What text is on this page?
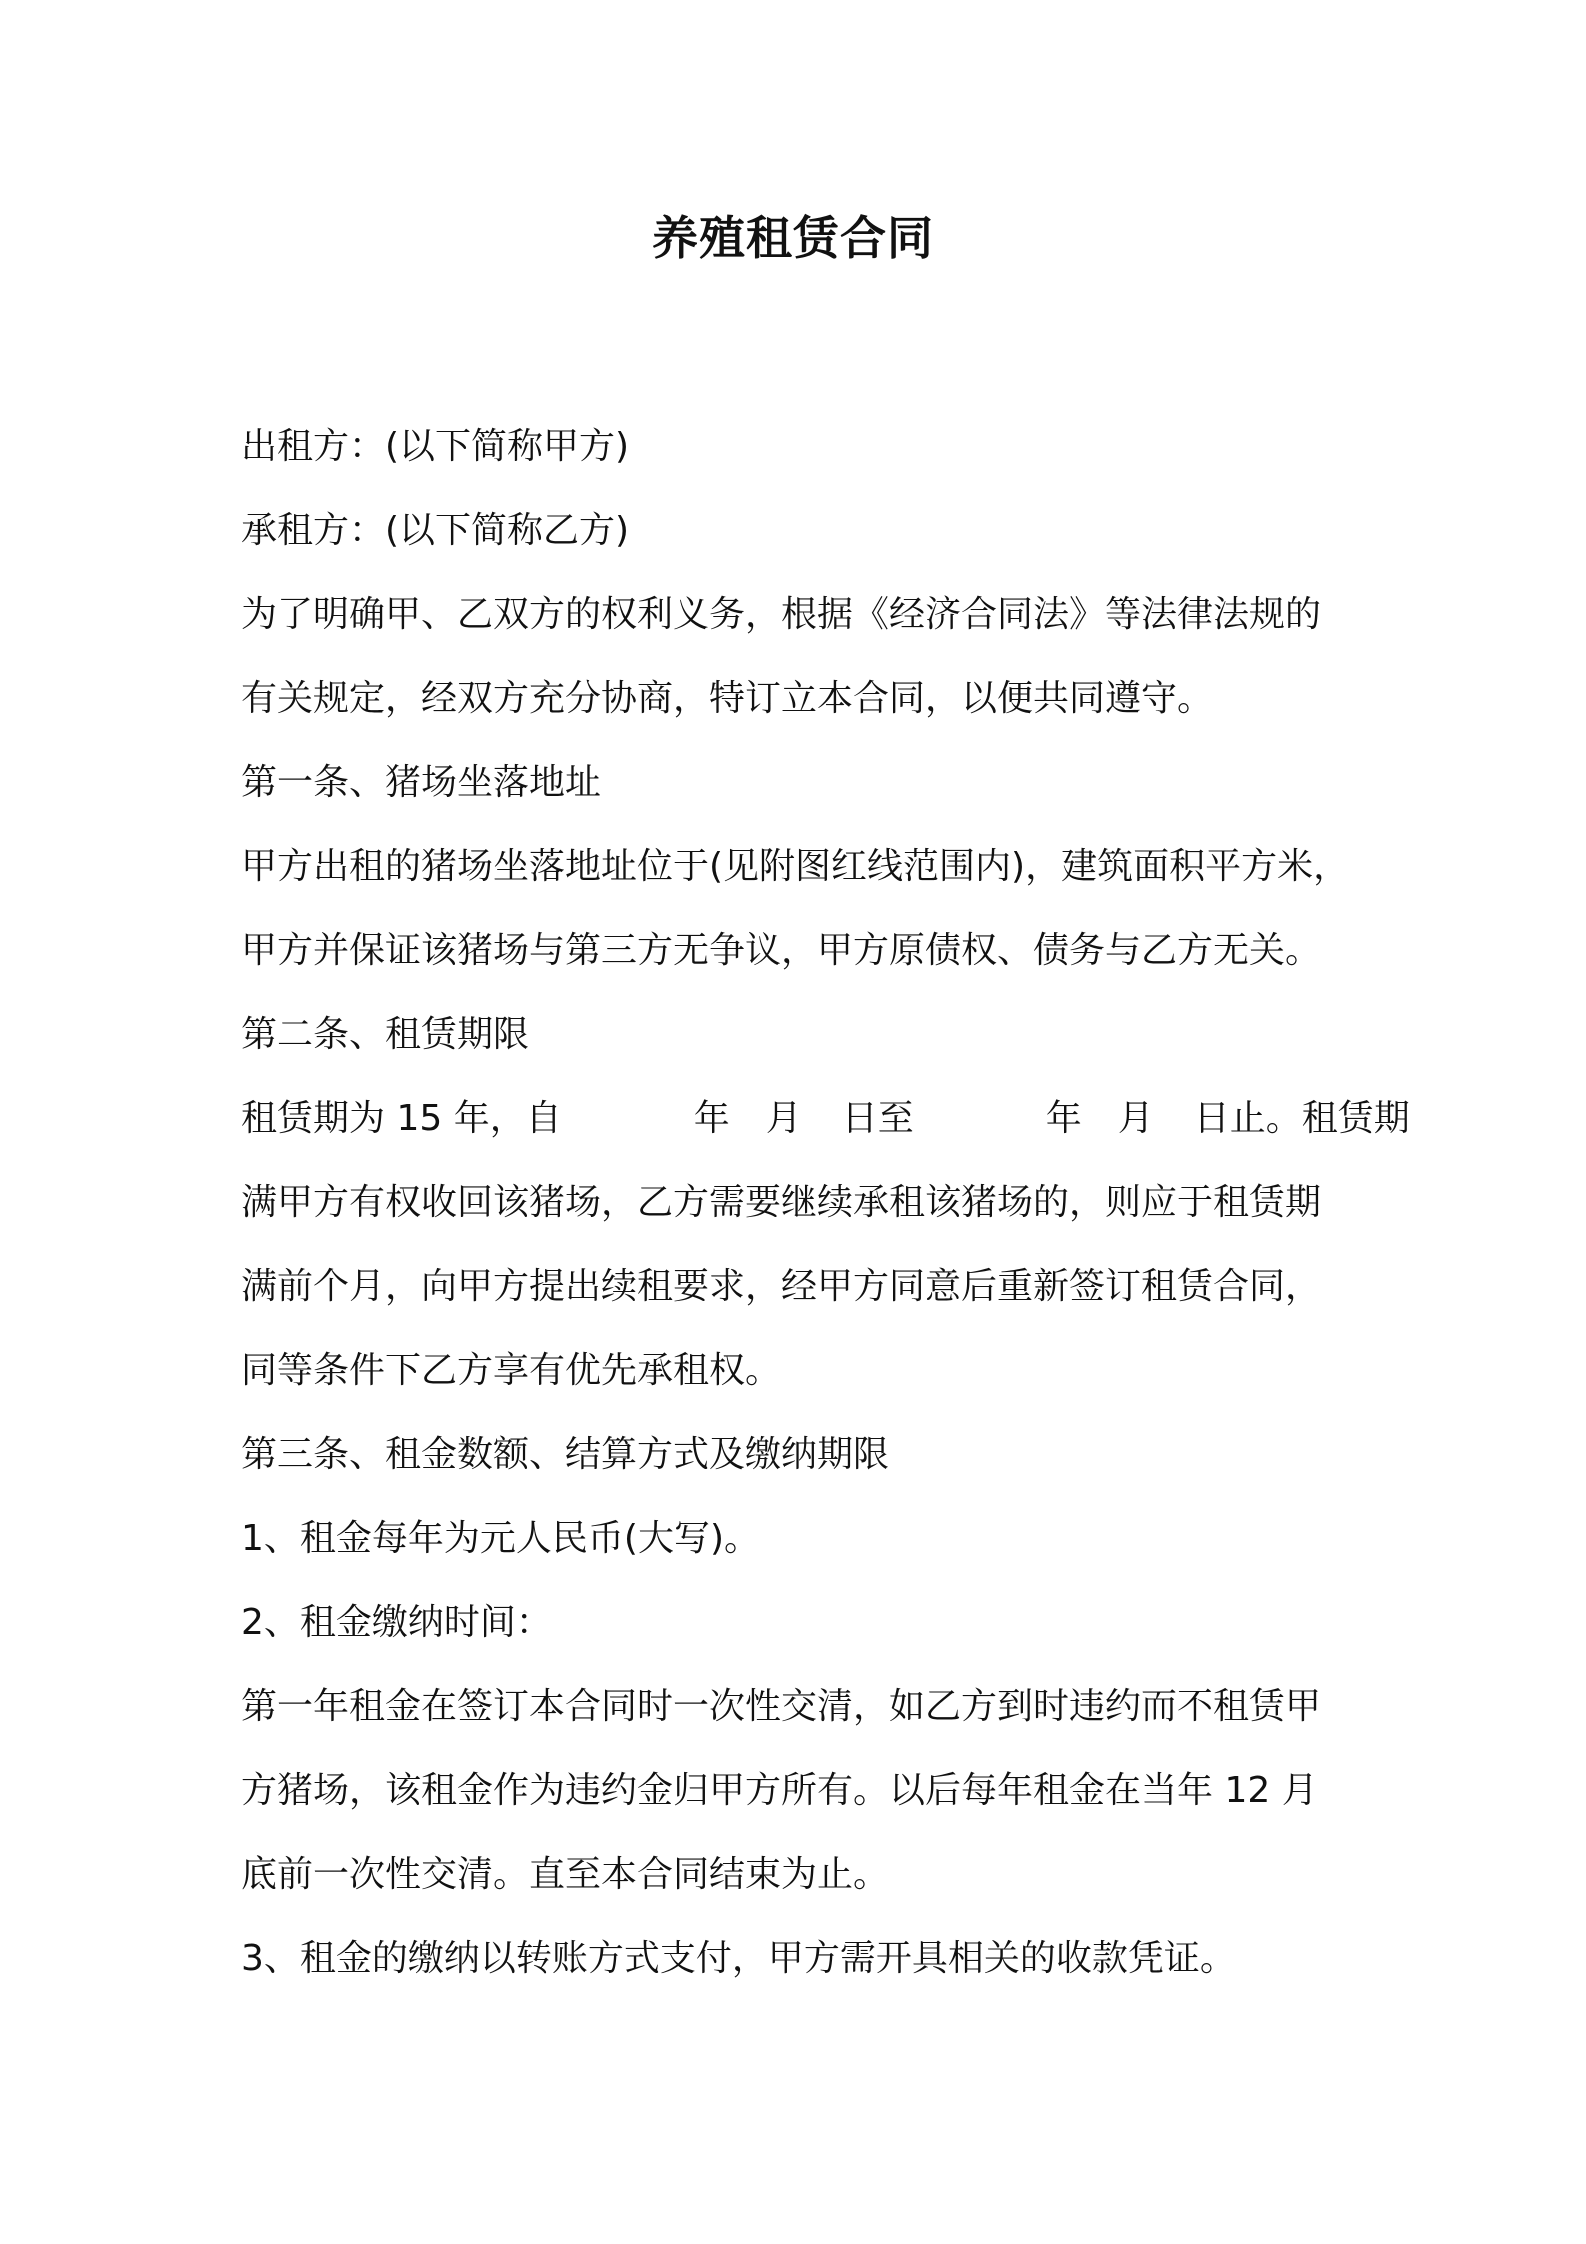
养殖租赁合同
出租方：(以下简称甲方)
承租方：(以下简称乙方)
为了明确甲、乙双方的权利义务，根据《经济合同法》等法律法规的
有关规定，经双方充分协商，特订立本合同，以便共同遵守。
第一条、猪场坐落地址
甲方出租的猪场坐落地址位于(见附图红线范围内)，建筑面积平方米，
甲方并保证该猪场与第三方无争议，甲方原债权、债务与乙方无关。
第二条、租赁期限
租赁期为 15 年，自	年 月 日至	年 月 日止。租赁期
满甲方有权收回该猪场，乙方需要继续承租该猪场的，则应于租赁期
满前个月，向甲方提出续租要求，经甲方同意后重新签订租赁合同，
同等条件下乙方享有优先承租权。
第三条、租金数额、结算方式及缴纳期限
1、租金每年为元人民币(大写)。
2、租金缴纳时间：
第一年租金在签订本合同时一次性交清，如乙方到时违约而不租赁甲
方猪场，该租金作为违约金归甲方所有。以后每年租金在当年 12 月
底前一次性交清。直至本合同结束为止。
3、租金的缴纳以转账方式支付，甲方需开具相关的收款凭证。
